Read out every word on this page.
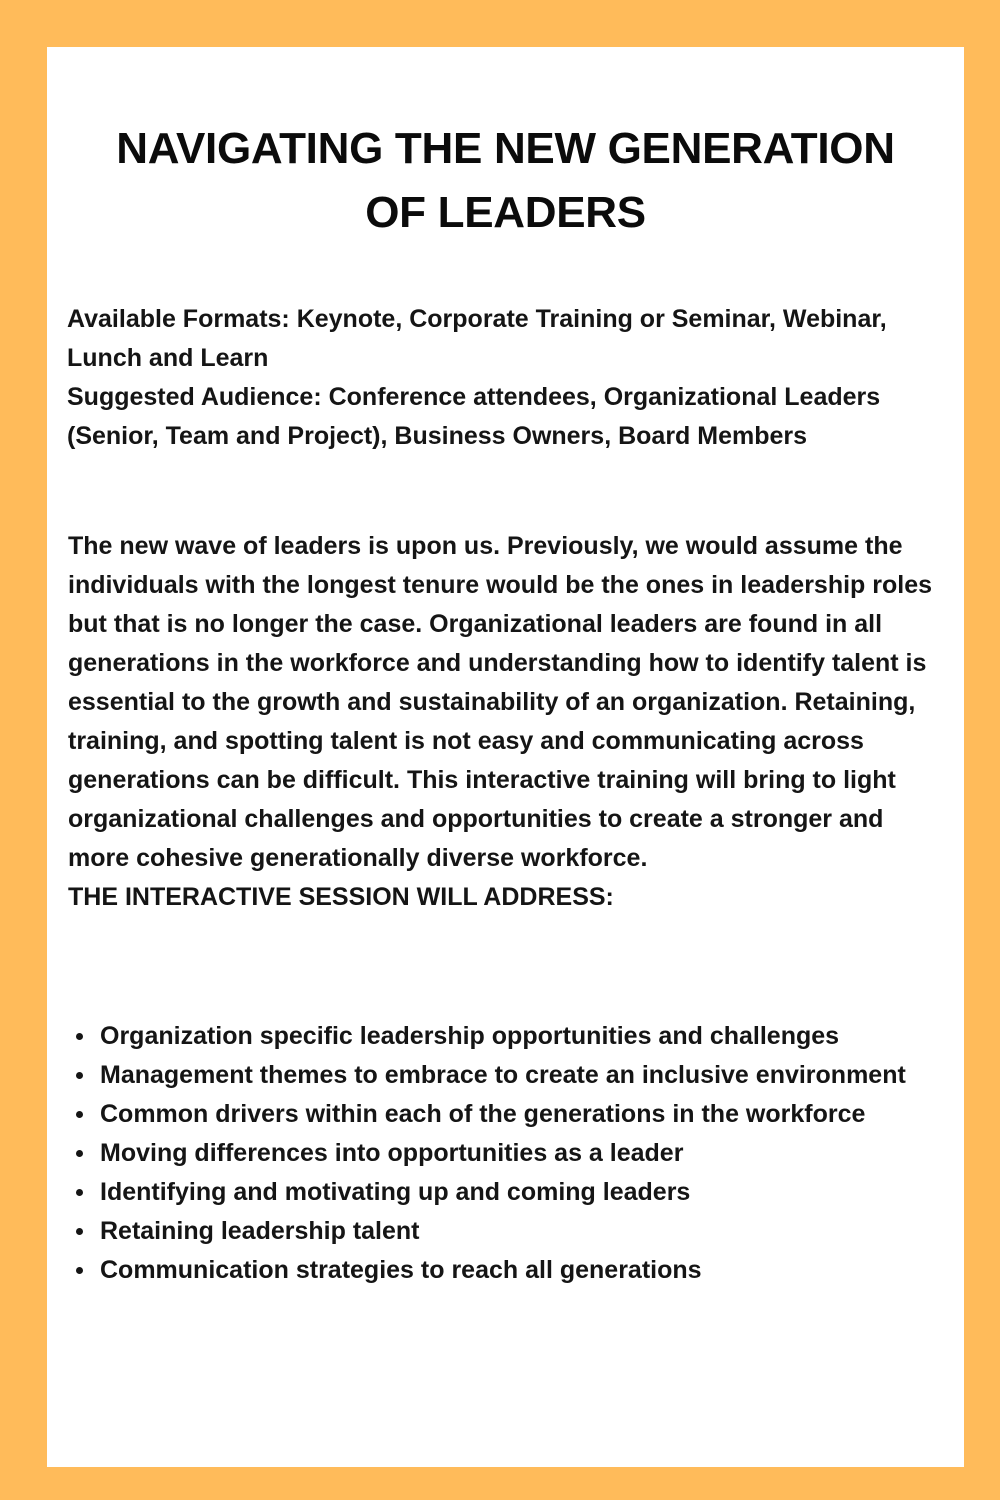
NAVIGATING THE NEW GENERATION
OF LEADERS

Available Formats: Keynote, Corporate Training or Seminar, Webinar, Lunch and Learn

Suggested Audience: Conference attendees, Organizational Leaders (Senior, Team and Project), Business Owners, Board Members

The new wave of leaders is upon us. Previously, we would assume the individuals with the longest tenure would be the ones in leadership roles but that is no longer the case. Organizational leaders are found in all generations in the workforce and understanding how to identify talent is essential to the growth and sustainability of an organization. Retaining, training, and spotting talent is not easy and communicating across generations can be difficult. This interactive training will bring to light organizational challenges and opportunities to create a stronger and more cohesive generationally diverse workforce.

THE INTERACTIVE SESSION WILL ADDRESS:

Organization specific leadership opportunities and challenges
Management themes to embrace to create an inclusive environment
Common drivers within each of the generations in the workforce
Moving differences into opportunities as a leader
Identifying and motivating up and coming leaders
Retaining leadership talent
Communication strategies to reach all generations
